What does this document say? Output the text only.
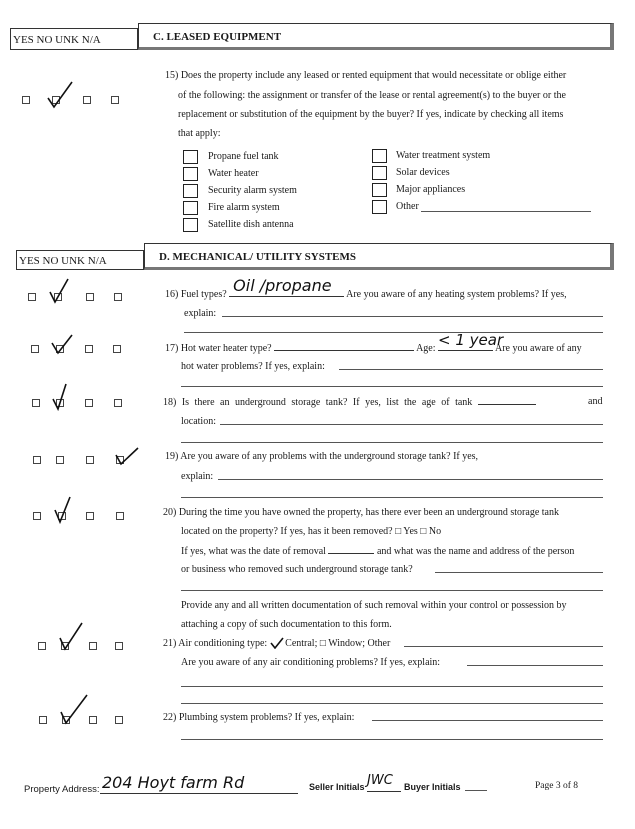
YES NO UNK N/A	C. LEASED EQUIPMENT
15) Does the property include any leased or rented equipment that would necessitate or oblige either
of the following: the assignment or transfer of the lease or rental agreement(s) to the buyer or the
replacement or substitution of the equipment by the buyer? If yes, indicate by checking all items
that apply:
Propane fuel tank
Water heater
Security alarm system
Fire alarm system
Satellite dish antenna
Water treatment system
Solar devices
Major appliances
Other
YES NO UNK N/A	D. MECHANICAL/ UTILITY SYSTEMS
16) Fuel types? Oil /propane Are you aware of any heating system problems? If yes,
explain:
17) Hot water heater type?	Age: < 1 year
Are you aware of any
hot water problems? If yes, explain:
18) Is there an underground storage tank? If yes, list the age of tank	and
location:
19) Are you aware of any problems with the underground storage tank? If yes,
explain:
20) During the time you have owned the property, has there ever been an underground storage tank
located on the property? If yes, has it been removed? □ Yes □ No
If yes, what was the date of removal	and what was the name and address of the person
or business who removed such underground storage tank?
Provide any and all written documentation of such removal within your control or possession by
attaching a copy of such documentation to this form.
21) Air conditioning type: Central; □ Window; Other
Are you aware of any air conditioning problems? If yes, explain:
22) Plumbing system problems? If yes, explain:
Property Address: 204 Hoyt farm Rd	Seller Initials JWC Buyer Initials	Page 3 of 8
